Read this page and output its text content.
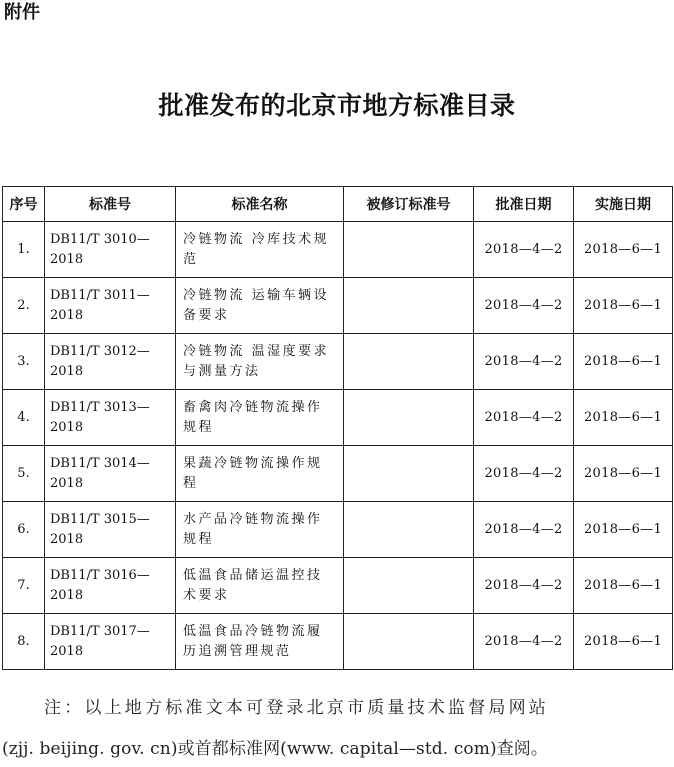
附件
批准发布的北京市地方标准目录
序号	标准号	标准名称	被修订标准号	批准日期	实施日期
1.	DB11/T 3010—2018	冷链物流 冷库技术规范		2018—4—2	2018—6—1
2.	DB11/T 3011—2018	冷链物流 运输车辆设备要求		2018—4—2	2018—6—1
3.	DB11/T 3012—2018	冷链物流 温湿度要求与测量方法		2018—4—2	2018—6—1
4.	DB11/T 3013—2018	畜禽肉冷链物流操作规程		2018—4—2	2018—6—1
5.	DB11/T 3014—2018	果蔬冷链物流操作规程		2018—4—2	2018—6—1
6.	DB11/T 3015—2018	水产品冷链物流操作规程		2018—4—2	2018—6—1
7.	DB11/T 3016—2018	低温食品储运温控技术要求		2018—4—2	2018—6—1
8.	DB11/T 3017—2018	低温食品冷链物流履历追溯管理规范		2018—4—2	2018—6—1
注：以上地方标准文本可登录北京市质量技术监督局网站
(zjj. beijing. gov. cn)或首都标准网(www. capital—std. com)查阅。
